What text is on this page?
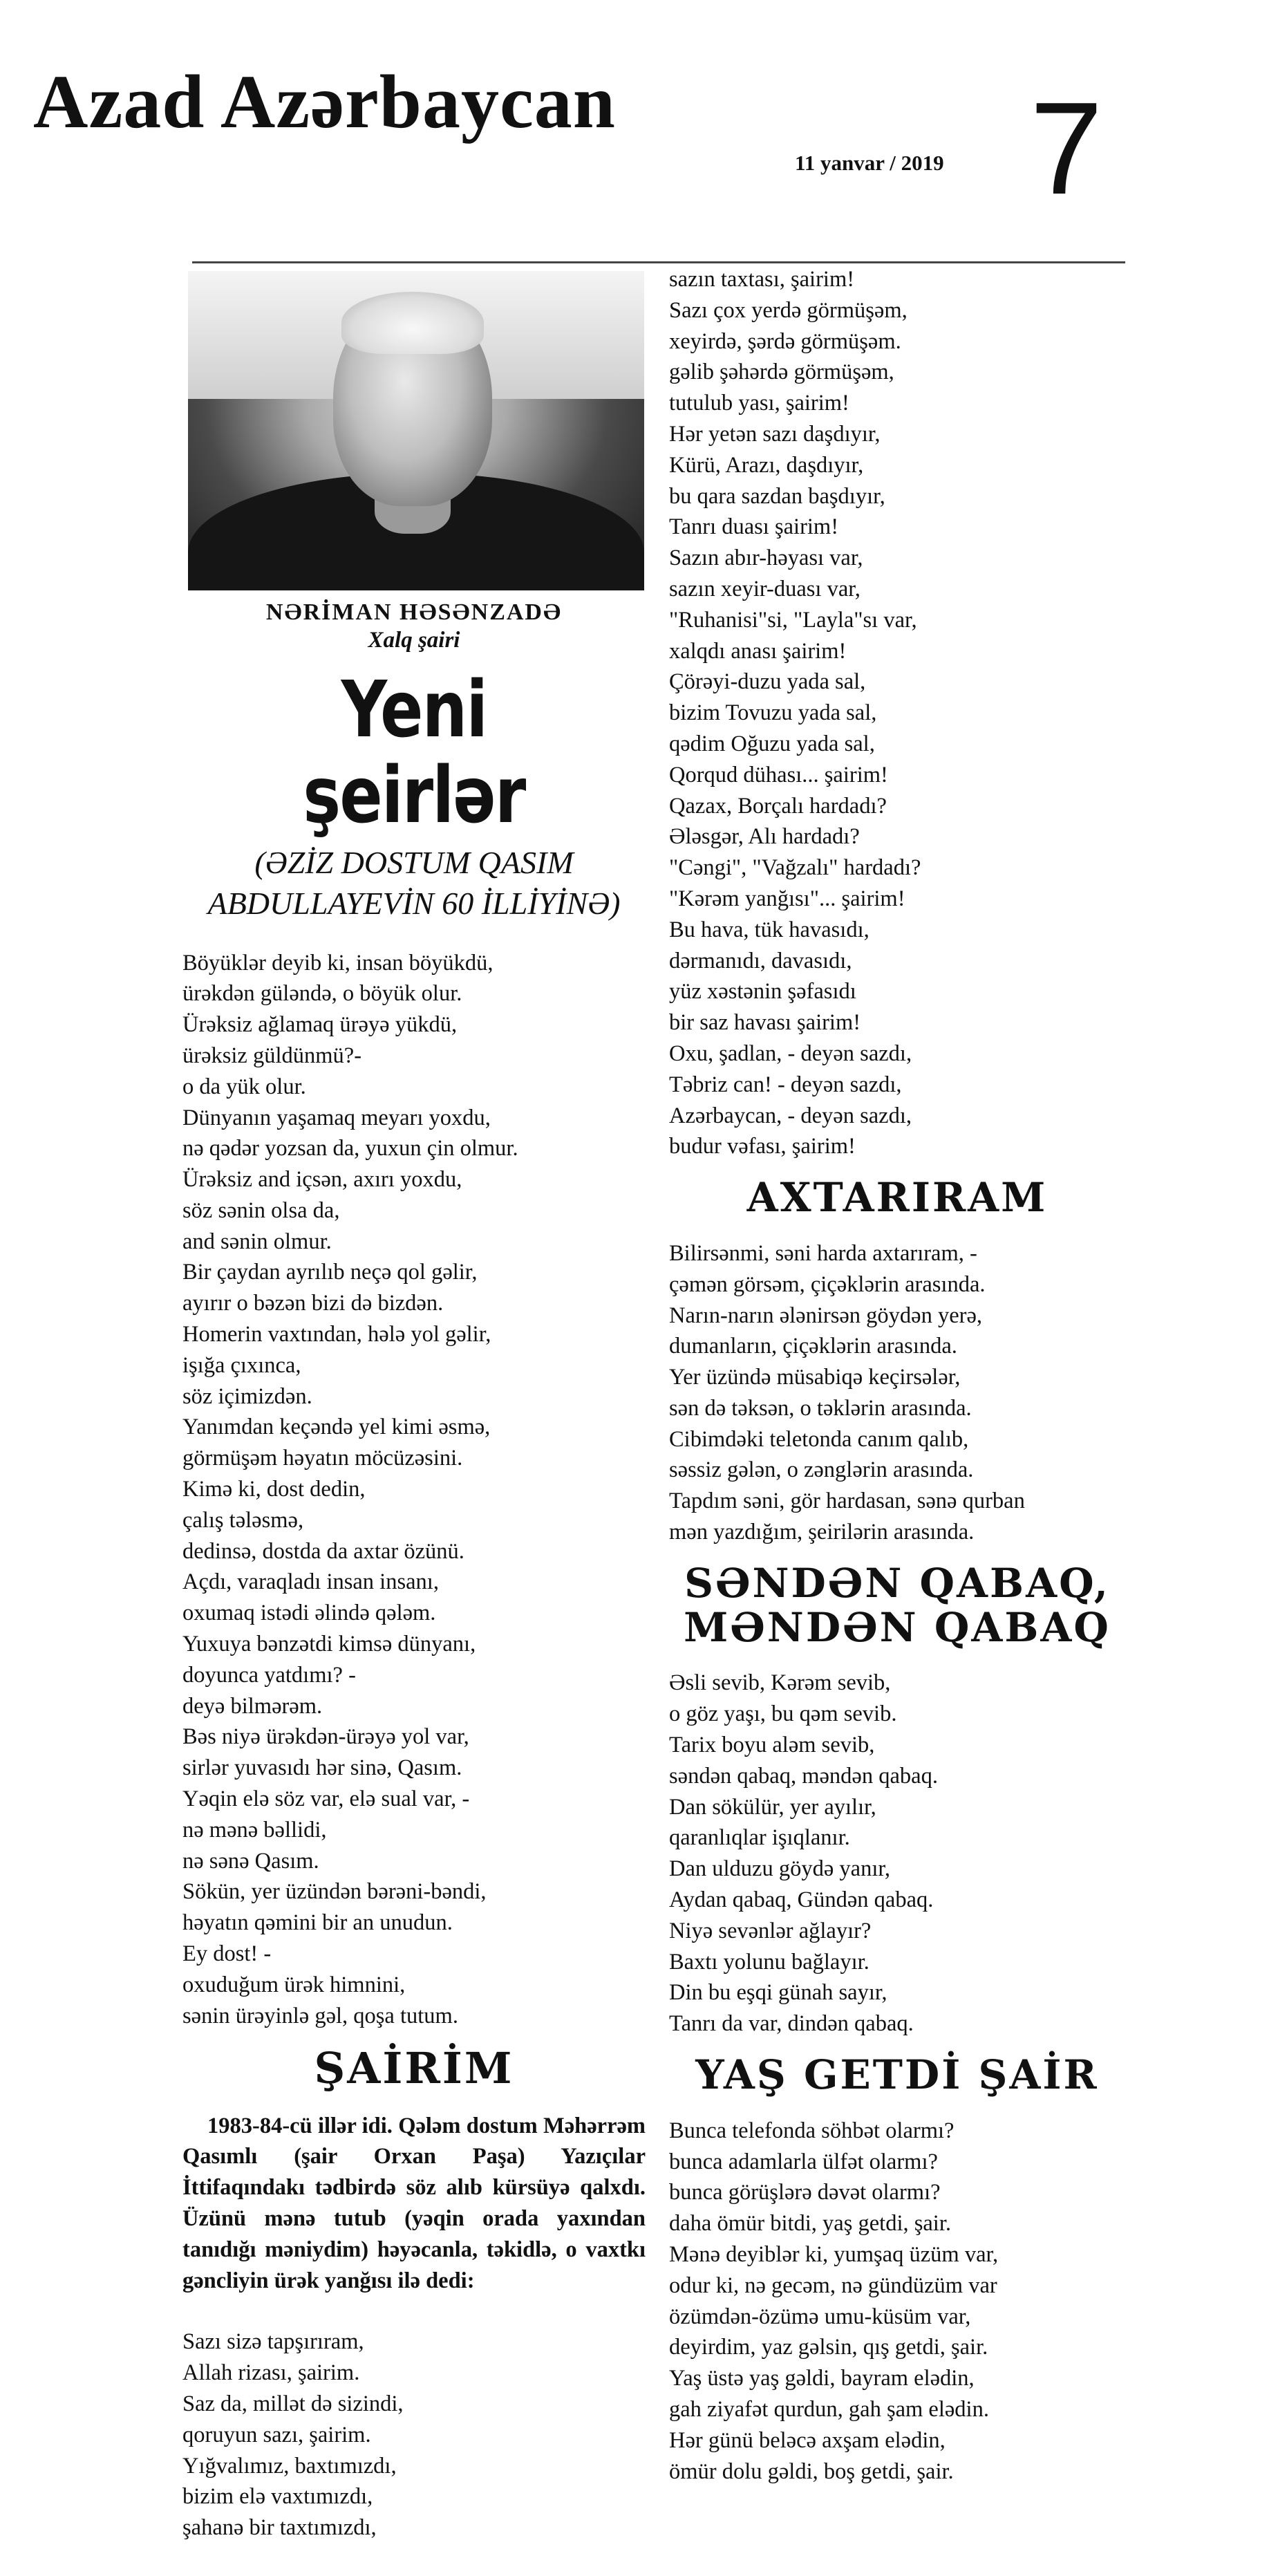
Azad Azərbaycan
11 yanvar / 2019 7
NƏRİMAN HƏSƏNZADƏ
Xalq şairi
Yeni şeirlər
(ƏZİZ DOSTUM QASIM
ABDULLAYEVİN 60 İLLİYİNƏ)
Böyüklər deyib ki, insan böyükdü,
ürəkdən güləndə, o böyük olur.
Ürəksiz ağlamaq ürəyə yükdü,
ürəksiz güldünmü?-
o da yük olur.
Dünyanın yaşamaq meyarı yoxdu,
nə qədər yozsan da, yuxun çin olmur.
Ürəksiz and içsən, axırı yoxdu,
söz sənin olsa da,
and sənin olmur.
Bir çaydan ayrılıb neçə qol gəlir,
ayırır o bəzən bizi də bizdən.
Homerin vaxtından, hələ yol gəlir,
işığa çıxınca,
söz içimizdən.
Yanımdan keçəndə yel kimi əsmə,
görmüşəm həyatın möcüzəsini.
Kimə ki, dost dedin,
çalış tələsmə,
dedinsə, dostda da axtar özünü.
Açdı, varaqladı insan insanı,
oxumaq istədi əlində qələm.
Yuxuya bənzətdi kimsə dünyanı,
doyunca yatdımı? -
deyə bilmərəm.
Bəs niyə ürəkdən-ürəyə yol var,
sirlər yuvasıdı hər sinə, Qasım.
Yəqin elə söz var, elə sual var, -
nə mənə bəllidi,
nə sənə Qasım.
Sökün, yer üzündən bərəni-bəndi,
həyatın qəmini bir an unudun.
Ey dost! -
oxuduğum ürək himnini,
sənin ürəyinlə gəl, qoşa tutum.
ŞAİRİM
1983-84-cü illər idi. Qələm dostum Məhərrəm Qasımlı (şair Orxan Paşa) Yazıçılar İttifaqındakı tədbirdə söz alıb kürsüyə qalxdı. Üzünü mənə tutub (yəqin orada yaxından tanıdığı məniydim) həyəcanla, təkidlə, o vaxtkı gəncliyin ürək yanğısı ilə dedi:
Sazı sizə tapşırıram,
Allah rizası, şairim.
Saz da, millət də sizindi,
qoruyun sazı, şairim.
Yığvalımız, baxtımızdı,
bizim elə vaxtımızdı,
şahanə bir taxtımızdı,
sazın taxtası, şairim!
Sazı çox yerdə görmüşəm,
xeyirdə, şərdə görmüşəm.
gəlib şəhərdə görmüşəm,
tutulub yası, şairim!
Hər yetən sazı daşdıyır,
Kürü, Arazı, daşdıyır,
bu qara sazdan başdıyır,
Tanrı duası şairim!
Sazın abır-həyası var,
sazın xeyir-duası var,
"Ruhanisi"si, "Layla"sı var,
xalqdı anası şairim!
Çörəyi-duzu yada sal,
bizim Tovuzu yada sal,
qədim Oğuzu yada sal,
Qorqud dühası... şairim!
Qazax, Borçalı hardadı?
Ələsgər, Alı hardadı?
"Cəngi", "Vağzalı" hardadı?
"Kərəm yanğısı"... şairim!
Bu hava, tük havasıdı,
dərmanıdı, davasıdı,
yüz xəstənin şəfasıdı
bir saz havası şairim!
Oxu, şadlan, - deyən sazdı,
Təbriz can! - deyən sazdı,
Azərbaycan, - deyən sazdı,
budur vəfası, şairim!
AXTARIRAM
Bilirsənmi, səni harda axtarıram, -
çəmən görsəm, çiçəklərin arasında.
Narın-narın ələnirsən göydən yerə,
dumanların, çiçəklərin arasında.
Yer üzündə müsabiqə keçirsələr,
sən də təksən, o təklərin arasında.
Cibimdəki teletonda canım qalıb,
səssiz gələn, o zənglərin arasında.
Tapdım səni, gör hardasan, sənə qurban
mən yazdığım, şeirilərin arasında.
SƏNDƏN QABAQ,
MƏNDƏN QABAQ
Əsli sevib, Kərəm sevib,
o göz yaşı, bu qəm sevib.
Tarix boyu aləm sevib,
səndən qabaq, məndən qabaq.
Dan sökülür, yer ayılır,
qaranlıqlar işıqlanır.
Dan ulduzu göydə yanır,
Aydan qabaq, Gündən qabaq.
Niyə sevənlər ağlayır?
Baxtı yolunu bağlayır.
Din bu eşqi günah sayır,
Tanrı da var, dindən qabaq.
YAŞ GETDİ ŞAİR
Bunca telefonda söhbət olarmı?
bunca adamlarla ülfət olarmı?
bunca görüşlərə dəvət olarmı?
daha ömür bitdi, yaş getdi, şair.
Mənə deyiblər ki, yumşaq üzüm var,
odur ki, nə gecəm, nə gündüzüm var
özümdən-özümə umu-küsüm var,
deyirdim, yaz gəlsin, qış getdi, şair.
Yaş üstə yaş gəldi, bayram elədin,
gah ziyafət qurdun, gah şam elədin.
Hər günü beləcə axşam elədin,
ömür dolu gəldi, boş getdi, şair.
